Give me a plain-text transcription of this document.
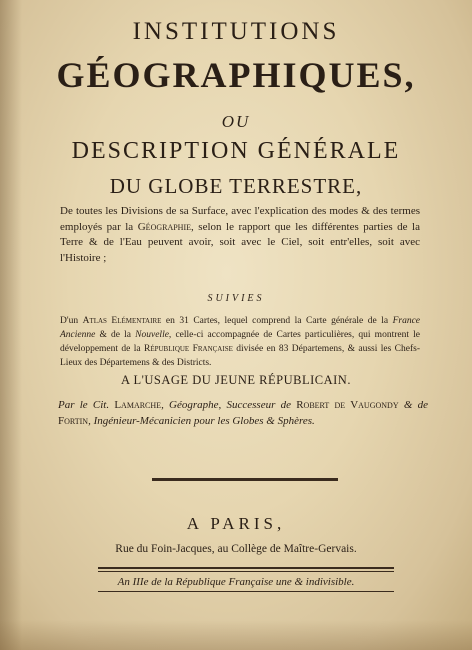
INSTITUTIONS
GÉOGRAPHIQUES,
OU
DESCRIPTION GÉNÉRALE
DU GLOBE TERRESTRE,
De toutes les Divisions de sa Surface, avec l'explication des modes & des termes employés par la Géographie, selon le rapport que les différentes parties de la Terre & de l'Eau peuvent avoir, soit avec le Ciel, soit entr'elles, soit avec l'Histoire ;
SUIVIES
D'un Atlas Elémentaire en 31 Cartes, lequel comprend la Carte générale de la France Ancienne & de la Nouvelle, celle-ci accompagnée de Cartes particulières, qui montrent le développement de la République Française divisée en 83 Départemens, & aussi les Chefs-Lieux des Départemens & des Districts.
A L'USAGE DU JEUNE RÉPUBLICAIN.
Par le Cit. Lamarche, Géographe, Successeur de Robert de Vaugondy & de Fortin, Ingénieur-Mécanicien pour les Globes & Sphères.
A PARIS,
Rue du Foin-Jacques, au Collège de Maître-Gervais.
An IIIe de la République Française une & indivisible.
